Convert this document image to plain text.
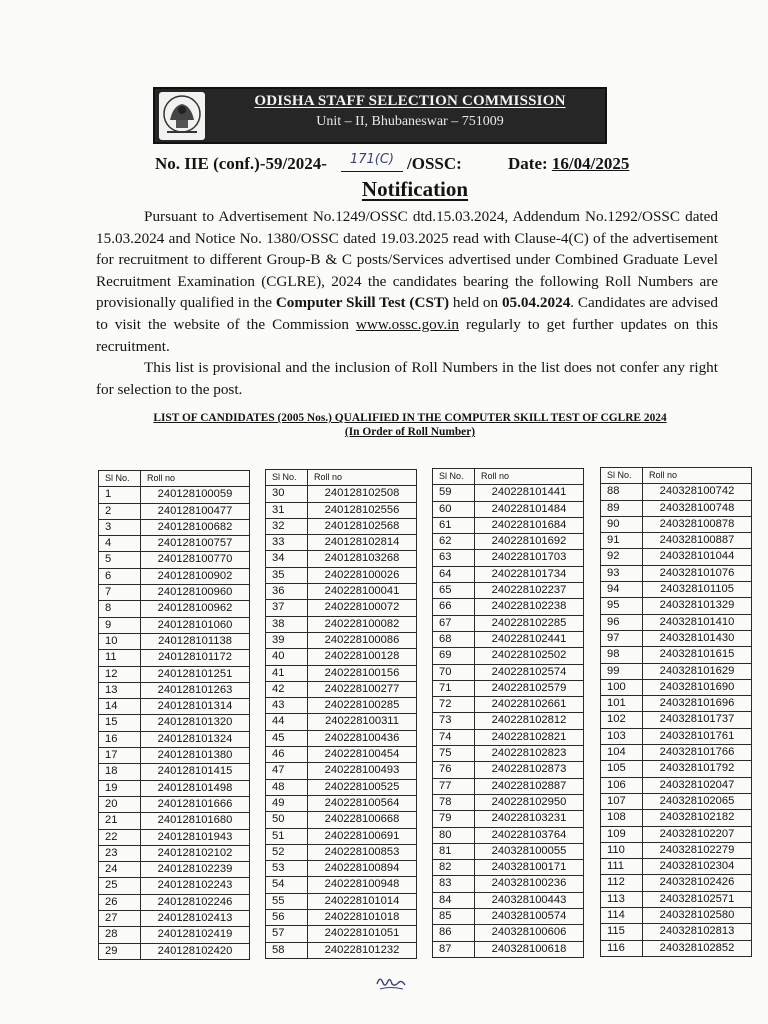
ODISHA STAFF SELECTION COMMISSION
Unit – II, Bhubaneswar – 751009
No. IIE (conf.)-59/2024-	171(C) /OSSC:	Date: 16/04/2025
Notification

Pursuant to Advertisement No.1249/OSSC dtd.15.03.2024, Addendum No.1292/OSSC dated 15.03.2024 and Notice No. 1380/OSSC dated 19.03.2025 read with Clause-4(C) of the advertisement for recruitment to different Group-B & C posts/Services advertised under Combined Graduate Level Recruitment Examination (CGLRE), 2024 the candidates bearing the following Roll Numbers are provisionally qualified in the Computer Skill Test (CST) held on 05.04.2024. Candidates are advised to visit the website of the Commission www.ossc.gov.in regularly to get further updates on this recruitment.

This list is provisional and the inclusion of Roll Numbers in the list does not confer any right for selection to the post.

LIST OF CANDIDATES (2005 Nos.) QUALIFIED IN THE COMPUTER SKILL TEST OF CGLRE 2024
(In Order of Roll Number)
Sl No.	Roll no
1	240128100059
2	240128100477
3	240128100682
4	240128100757
5	240128100770
6	240128100902
7	240128100960
8	240128100962
9	240128101060
10	240128101138
11	240128101172
12	240128101251
13	240128101263
14	240128101314
15	240128101320
16	240128101324
17	240128101380
18	240128101415
19	240128101498
20	240128101666
21	240128101680
22	240128101943
23	240128102102
24	240128102239
25	240128102243
26	240128102246
27	240128102413
28	240128102419
29	240128102420
Sl No.	Roll no
30	240128102508
31	240128102556
32	240128102568
33	240128102814
34	240128103268
35	240228100026
36	240228100041
37	240228100072
38	240228100082
39	240228100086
40	240228100128
41	240228100156
42	240228100277
43	240228100285
44	240228100311
45	240228100436
46	240228100454
47	240228100493
48	240228100525
49	240228100564
50	240228100668
51	240228100691
52	240228100853
53	240228100894
54	240228100948
55	240228101014
56	240228101018
57	240228101051
58	240228101232
Sl No.	Roll no
59	240228101441
60	240228101484
61	240228101684
62	240228101692
63	240228101703
64	240228101734
65	240228102237
66	240228102238
67	240228102285
68	240228102441
69	240228102502
70	240228102574
71	240228102579
72	240228102661
73	240228102812
74	240228102821
75	240228102823
76	240228102873
77	240228102887
78	240228102950
79	240228103231
80	240228103764
81	240328100055
82	240328100171
83	240328100236
84	240328100443
85	240328100574
86	240328100606
87	240328100618
Sl No.	Roll no
88	240328100742
89	240328100748
90	240328100878
91	240328100887
92	240328101044
93	240328101076
94	240328101105
95	240328101329
96	240328101410
97	240328101430
98	240328101615
99	240328101629
100	240328101690
101	240328101696
102	240328101737
103	240328101761
104	240328101766
105	240328101792
106	240328102047
107	240328102065
108	240328102182
109	240328102207
110	240328102279
111	240328102304
112	240328102426
113	240328102571
114	240328102580
115	240328102813
116	240328102852
